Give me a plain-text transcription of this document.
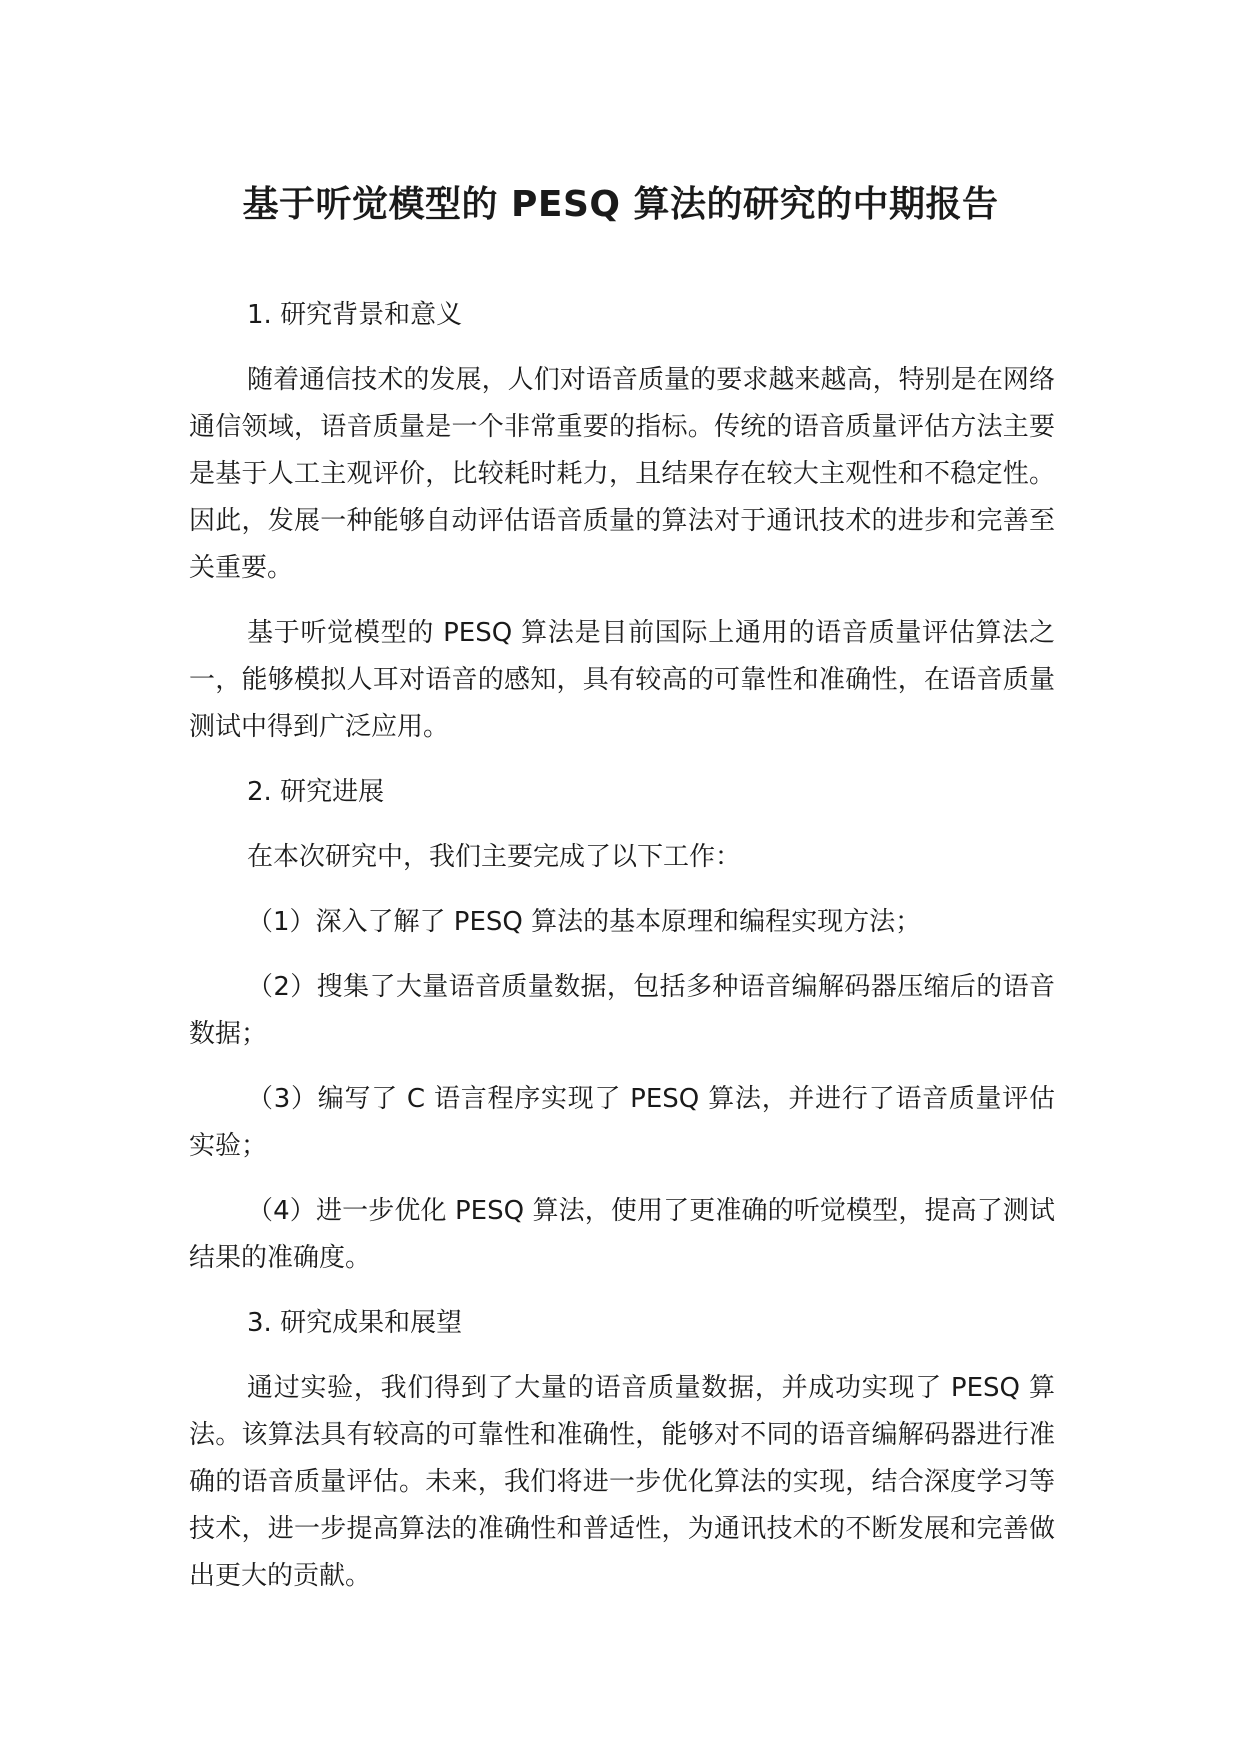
基于听觉模型的 PESQ 算法的研究的中期报告

1. 研究背景和意义

随着通信技术的发展，人们对语音质量的要求越来越高，特别是在网络通信领域，语音质量是一个非常重要的指标。传统的语音质量评估方法主要是基于人工主观评价，比较耗时耗力，且结果存在较大主观性和不稳定性。因此，发展一种能够自动评估语音质量的算法对于通讯技术的进步和完善至关重要。

基于听觉模型的 PESQ 算法是目前国际上通用的语音质量评估算法之一，能够模拟人耳对语音的感知，具有较高的可靠性和准确性，在语音质量测试中得到广泛应用。

2. 研究进展

在本次研究中，我们主要完成了以下工作：

（1）深入了解了 PESQ 算法的基本原理和编程实现方法；

（2）搜集了大量语音质量数据，包括多种语音编解码器压缩后的语音数据；

（3）编写了 C 语言程序实现了 PESQ 算法，并进行了语音质量评估实验；

（4）进一步优化 PESQ 算法，使用了更准确的听觉模型，提高了测试结果的准确度。

3. 研究成果和展望

通过实验，我们得到了大量的语音质量数据，并成功实现了 PESQ 算法。该算法具有较高的可靠性和准确性，能够对不同的语音编解码器进行准确的语音质量评估。未来，我们将进一步优化算法的实现，结合深度学习等技术，进一步提高算法的准确性和普适性，为通讯技术的不断发展和完善做出更大的贡献。
